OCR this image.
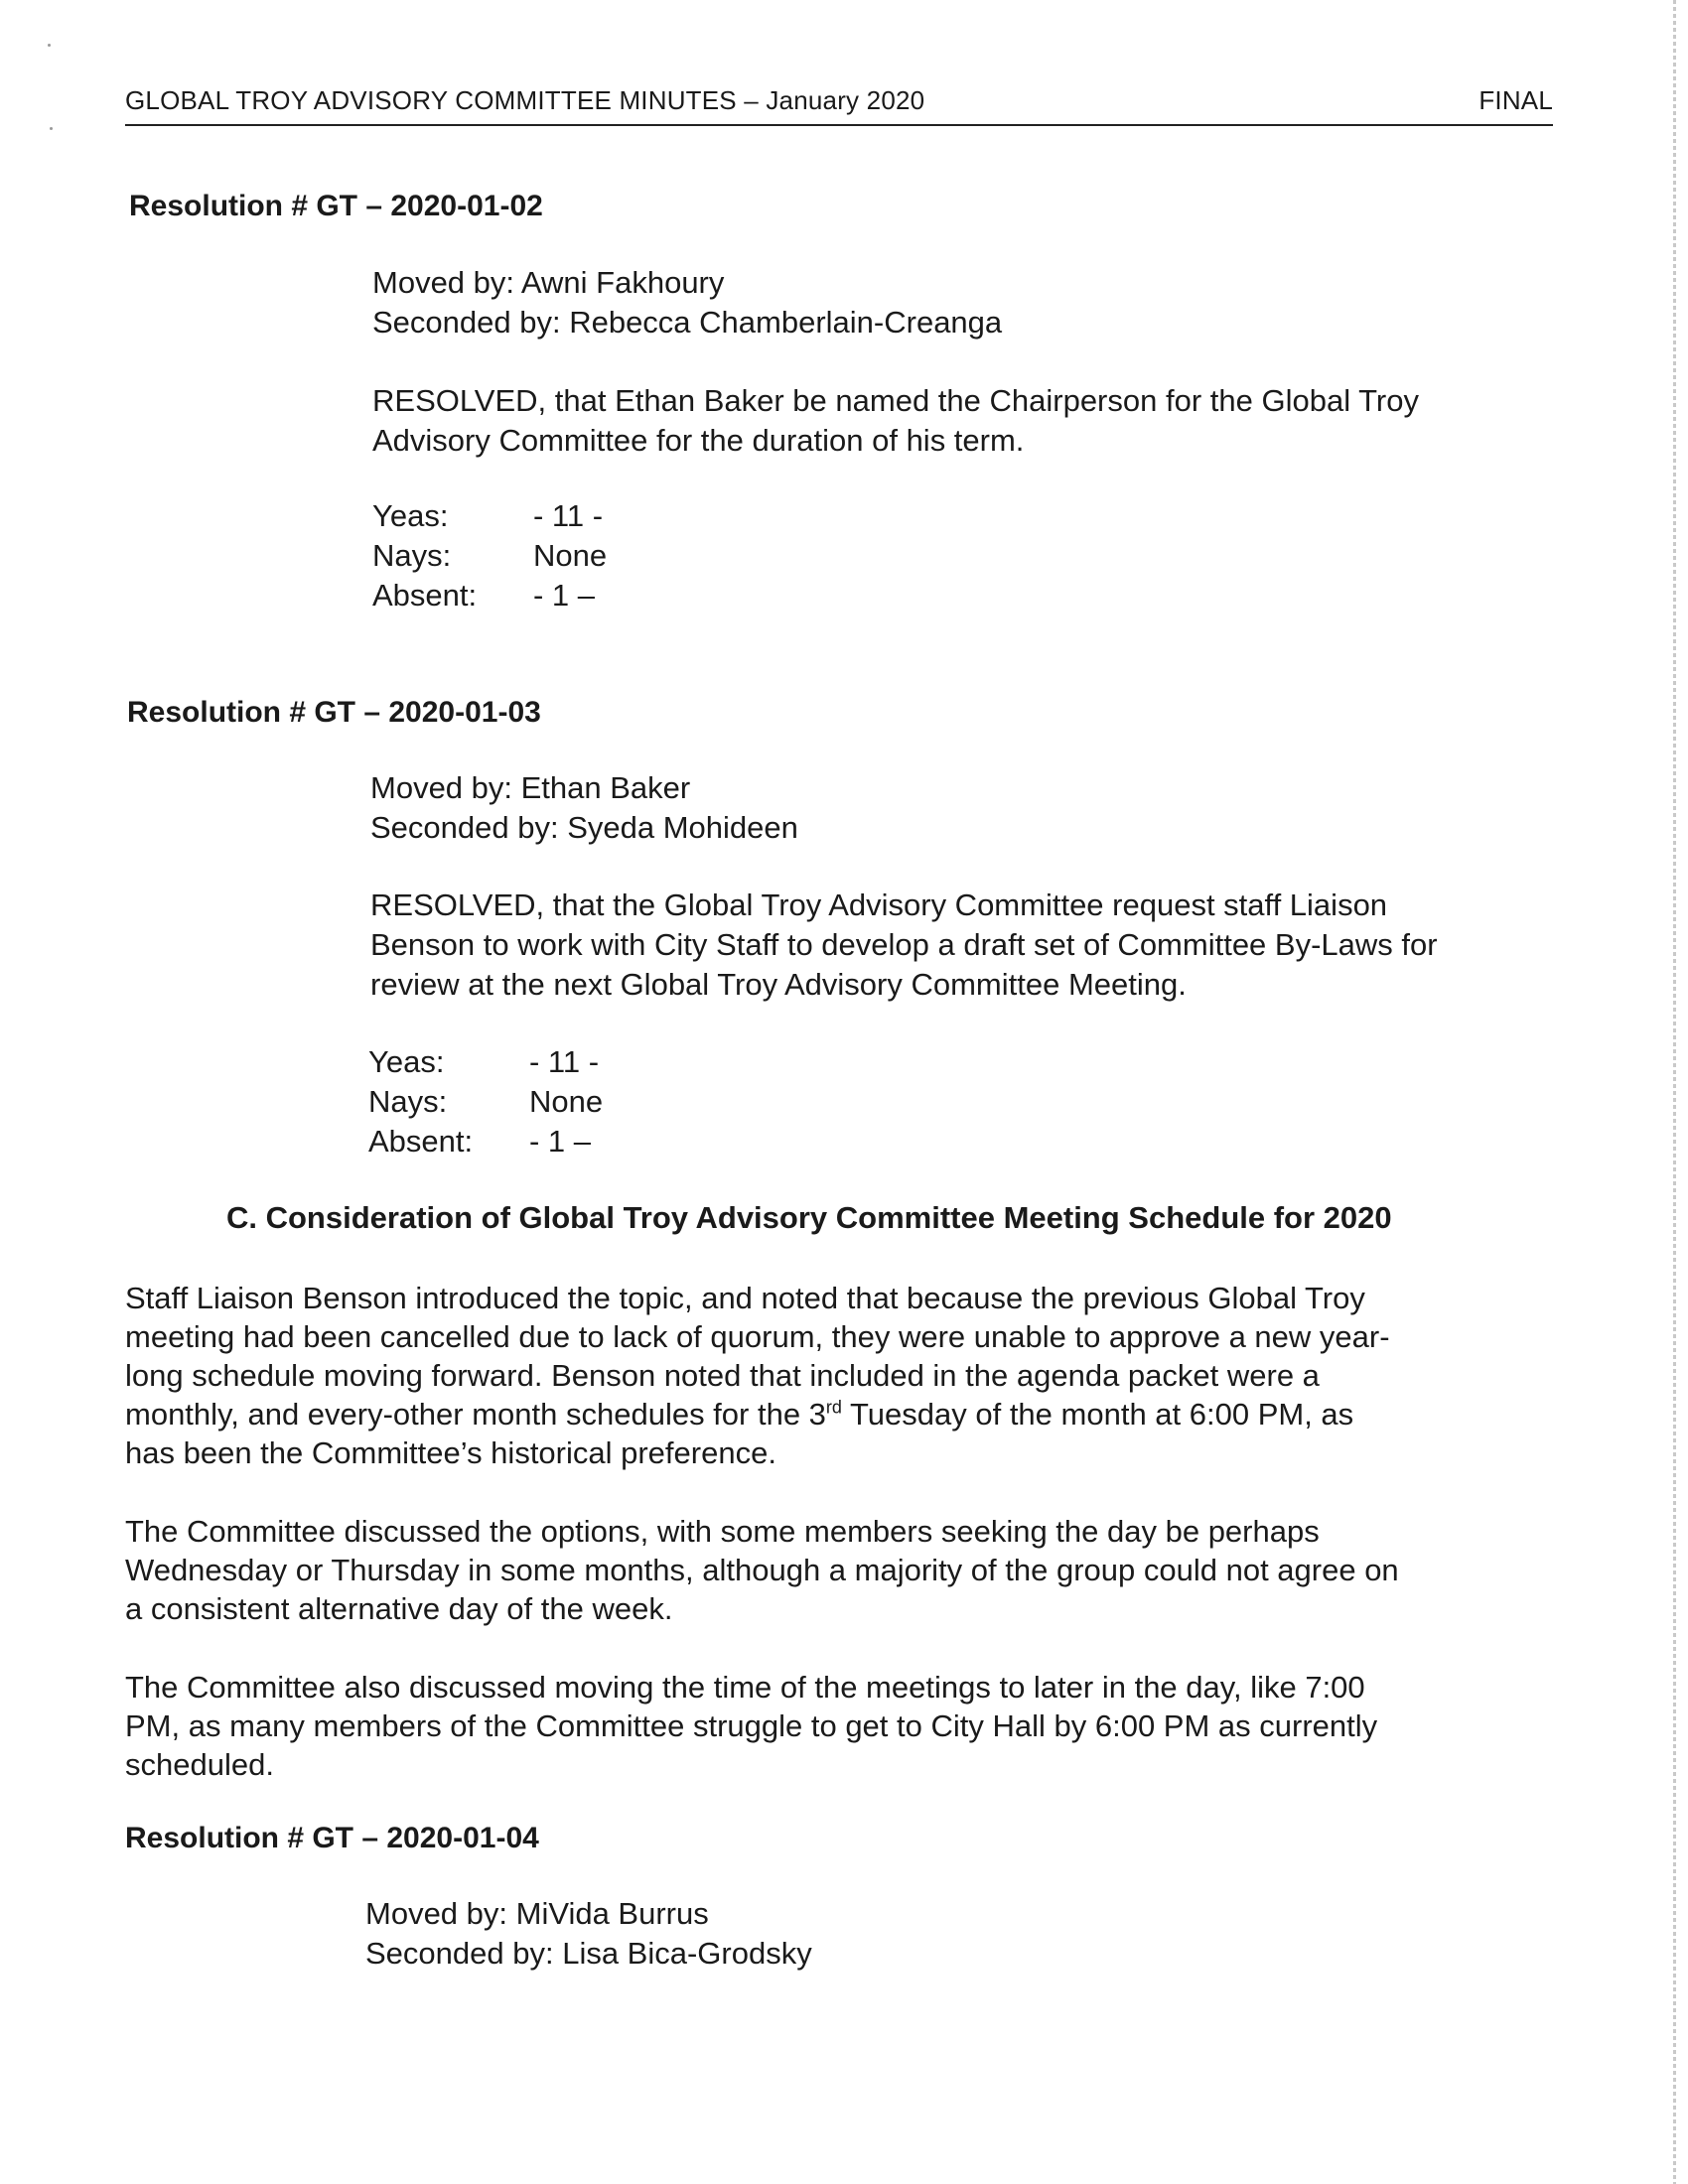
GLOBAL TROY ADVISORY COMMITTEE MINUTES – January 2020	FINAL
Resolution # GT – 2020-01-02
Moved by: Awni Fakhoury
Seconded by: Rebecca Chamberlain-Creanga
RESOLVED, that Ethan Baker be named the Chairperson for the Global Troy
Advisory Committee for the duration of his term.
Yeas:	- 11 -
Nays:	None
Absent:	- 1 –
Resolution # GT – 2020-01-03
Moved by: Ethan Baker
Seconded by: Syeda Mohideen
RESOLVED, that the Global Troy Advisory Committee request staff Liaison
Benson to work with City Staff to develop a draft set of Committee By-Laws for
review at the next Global Troy Advisory Committee Meeting.
Yeas:	- 11 -
Nays:	None
Absent:	- 1 –
C. Consideration of Global Troy Advisory Committee Meeting Schedule for 2020
Staff Liaison Benson introduced the topic, and noted that because the previous Global Troy
meeting had been cancelled due to lack of quorum, they were unable to approve a new year-
long schedule moving forward. Benson noted that included in the agenda packet were a
monthly, and every-other month schedules for the 3rd Tuesday of the month at 6:00 PM, as
has been the Committee’s historical preference.
The Committee discussed the options, with some members seeking the day be perhaps
Wednesday or Thursday in some months, although a majority of the group could not agree on
a consistent alternative day of the week.
The Committee also discussed moving the time of the meetings to later in the day, like 7:00
PM, as many members of the Committee struggle to get to City Hall by 6:00 PM as currently
scheduled.
Resolution # GT – 2020-01-04
Moved by: MiVida Burrus
Seconded by: Lisa Bica-Grodsky
